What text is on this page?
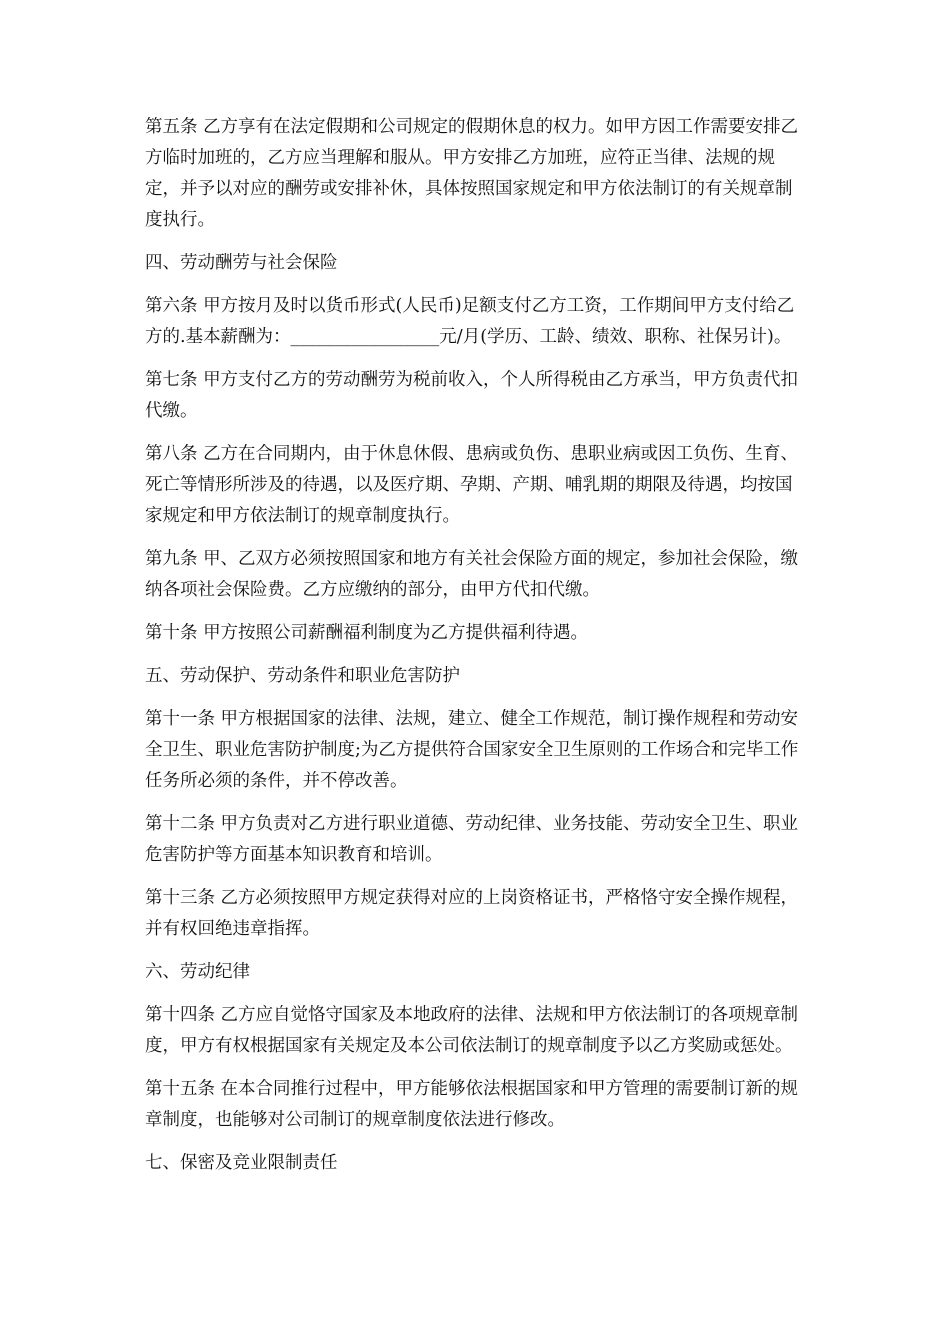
第五条 乙方享有在法定假期和公司规定的假期休息的权力。如甲方因工作需要安排乙方临时加班的，乙方应当理解和服从。甲方安排乙方加班，应符正当律、法规的规定，并予以对应的酬劳或安排补休，具体按照国家规定和甲方依法制订的有关规章制度执行。

四、劳动酬劳与社会保险

第六条 甲方按月及时以货币形式(人民币)足额支付乙方工资，工作期间甲方支付给乙方的.基本薪酬为：_________________元/月(学历、工龄、绩效、职称、社保另计)。

第七条 甲方支付乙方的劳动酬劳为税前收入，个人所得税由乙方承当，甲方负责代扣代缴。

第八条 乙方在合同期内，由于休息休假、患病或负伤、患职业病或因工负伤、生育、死亡等情形所涉及的待遇，以及医疗期、孕期、产期、哺乳期的期限及待遇，均按国家规定和甲方依法制订的规章制度执行。

第九条 甲、乙双方必须按照国家和地方有关社会保险方面的规定，参加社会保险，缴纳各项社会保险费。乙方应缴纳的部分，由甲方代扣代缴。

第十条 甲方按照公司薪酬福利制度为乙方提供福利待遇。

五、劳动保护、劳动条件和职业危害防护

第十一条 甲方根据国家的法律、法规，建立、健全工作规范，制订操作规程和劳动安全卫生、职业危害防护制度;为乙方提供符合国家安全卫生原则的工作场合和完毕工作任务所必须的条件，并不停改善。

第十二条 甲方负责对乙方进行职业道德、劳动纪律、业务技能、劳动安全卫生、职业危害防护等方面基本知识教育和培训。

第十三条 乙方必须按照甲方规定获得对应的上岗资格证书，严格恪守安全操作规程，并有权回绝违章指挥。

六、劳动纪律

第十四条 乙方应自觉恪守国家及本地政府的法律、法规和甲方依法制订的各项规章制度，甲方有权根据国家有关规定及本公司依法制订的规章制度予以乙方奖励或惩处。

第十五条 在本合同推行过程中，甲方能够依法根据国家和甲方管理的需要制订新的规章制度，也能够对公司制订的规章制度依法进行修改。

七、保密及竞业限制责任
